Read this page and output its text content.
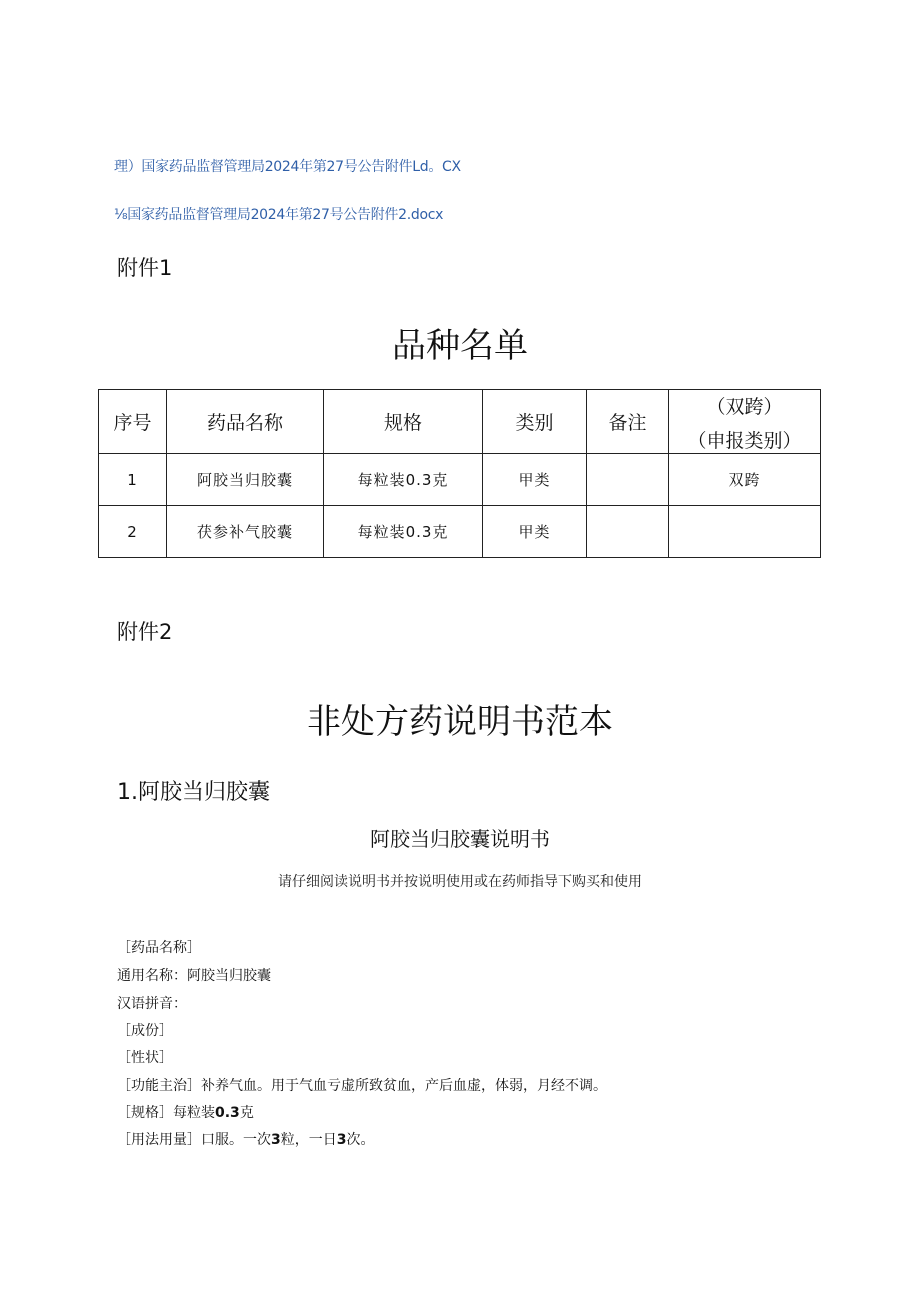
理）国家药品监督管理局2024年第27号公告附件Ld。CX
⅛国家药品监督管理局2024年第27号公告附件2.docx
附件1
品种名单
序号	药品名称	规格	类别	备注	（双跨）
（申报类别）

1	阿胶当归胶囊	每粒装0.3克	甲类		双跨
2	茯参补气胶囊	每粒装0.3克	甲类		
附件2
非处方药说明书范本
1.阿胶当归胶囊
阿胶当归胶囊说明书
请仔细阅读说明书并按说明使用或在药师指导下购买和使用
［药品名称］
通用名称：阿胶当归胶囊
汉语拼音：
［成份］
［性状］
［功能主治］补养气血。用于气血亏虚所致贫血，产后血虚，体弱，月经不调。
［规格］每粒装0.3克
［用法用量］口服。一次3粒，一日3次。
